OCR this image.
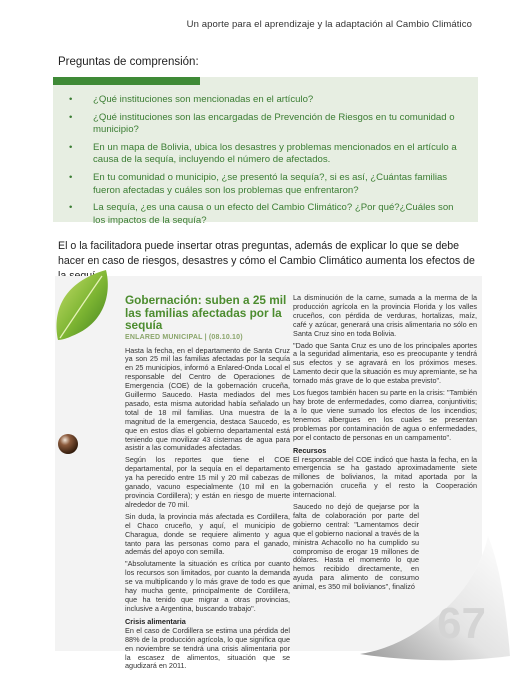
Un aporte para el aprendizaje y la adaptación al Cambio Climático
Preguntas de comprensión:
• ¿Qué instituciones son mencionadas en el artículo?
• ¿Qué instituciones son las encargadas de Prevención de Riesgos en tu comunidad o municipio?
• En un mapa de Bolivia, ubica los desastres y problemas mencionados en el artículo a causa de la sequía, incluyendo el número de afectados.
• En tu comunidad o municipio, ¿se presentó la sequía?, si es así, ¿Cuántas familias fueron afectadas y cuáles son los problemas que enfrentaron?
• La sequía, ¿es una causa o un efecto del Cambio Climático? ¿Por qué?¿Cuáles son los impactos de la sequía?

El o la facilitadora puede insertar otras preguntas, además de explicar lo que se debe hacer en caso de riesgos, desastres y cómo el Cambio Climático aumenta los efectos de

Gobernación: suben a 25 mil las familias afectadas por la sequía
ENLARED MUNICIPAL | (08.10.10)

Hasta la fecha, en el departamento de Santa Cruz ya son 25 mil las familias afectadas por la sequía en 25 municipios, informó a Enlared-Onda Local el responsable del Centro de Operaciones de Emergencia (COE) de la gobernación cruceña, Guillermo Saucedo. Hasta mediados del mes pasado, esta misma autoridad había señalado un total de 18 mil familias. Una muestra de la magnitud de la emergencia, destaca Saucedo, es que en estos días el gobierno departamental está teniendo que movilizar 43 cisternas de agua para asistir a las comunidades afectadas.

Según los reportes que tiene el COE departamental, por la sequía en el departamento ya ha perecido entre 15 mil y 20 mil cabezas de ganado, vacuno especialmente (10 mil en la provincia Cordillera); y están en riesgo de muerte alrededor de 70 mil.

Sin duda, la provincia más afectada es Cordillera, el Chaco cruceño, y aquí, el municipio de Charagua, donde se requiere alimento y agua tanto para las personas como para el ganado, además del apoyo con semilla.

"Absolutamente la situación es crítica por cuanto los recursos son limitados, por cuanto la demanda se va multiplicando y lo más grave de todo es que hay mucha gente, principalmente de Cordillera, que ha tenido que migrar a otras provincias, inclusive a Argentina, buscando trabajo".

Crisis alimentaria

En el caso de Cordillera se estima una pérdida del 88% de la producción agrícola, lo que significa que en noviembre se tendrá una crisis alimentaria por la escasez de alimentos, situación que se agudizará en 2011.

La disminución de la carne, sumada a la merma de la producción agrícola en la provincia Florida y los valles cruceños, con pérdida de verduras, hortalizas, maíz, café y azúcar, generará una crisis alimentaria no sólo en Santa Cruz sino en toda Bolivia.

"Dado que Santa Cruz es uno de los principales aportes a la seguridad alimentaria, eso es preocupante y tendrá sus efectos y se agravará en los próximos meses. Lamento decir que la situación es muy apremiante, se ha tornado más grave de lo que estaba previsto".

Los fuegos también hacen su parte en la crisis: "También hay brote de enfermedades, como diarrea, conjuntivitis; a lo que viene sumado los efectos de los incendios; tenemos albergues en los cuales se presentan problemas por contaminación de agua o enfermedades, por el contacto de personas en un campamento".

Recursos

El responsable del COE indicó que hasta la fecha, en la emergencia se ha gastado aproximadamente siete millones de bolivianos, la mitad aportada por la gobernación cruceña y el resto la Cooperación internacional.

Saucedo no dejó de quejarse por la falta de colaboración por parte del gobierno central: "Lamentamos decir que el gobierno nacional a través de la ministra Achacollo no ha cumplido su compromiso de erogar 19 millones de dólares. Hasta el momento lo que hemos recibido directamente, en ayuda para alimento de consumo animal, es 350 mil bolivianos", finalizó

67
